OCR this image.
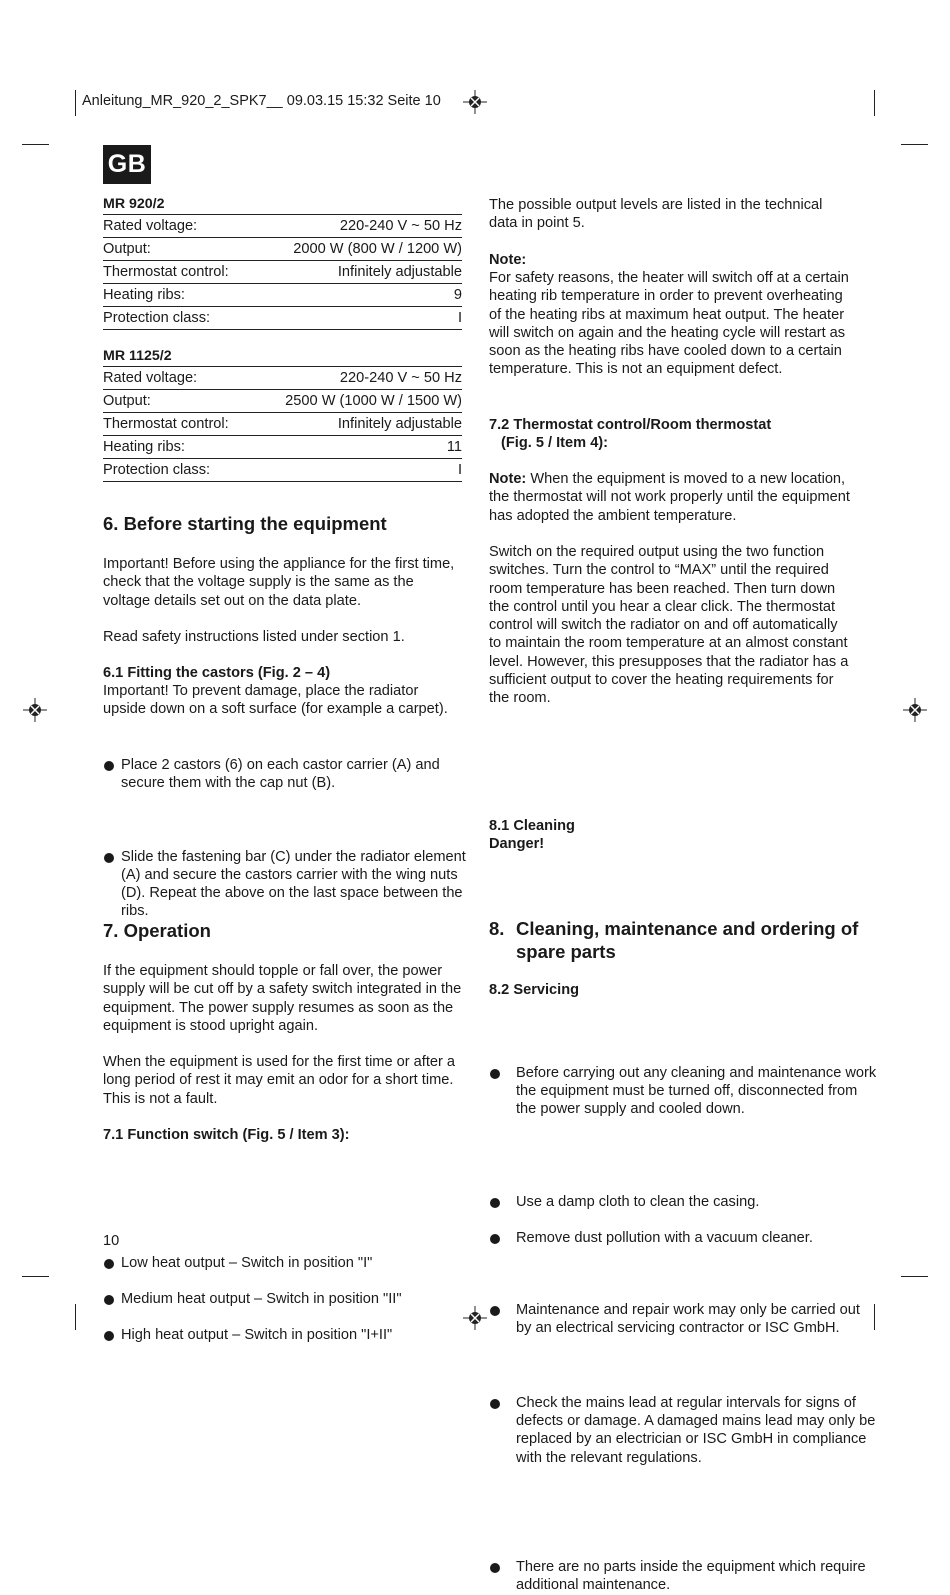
Anleitung_MR_920_2_SPK7__ 09.03.15 15:32 Seite 10
GB
MR 920/2
Rated voltage:	220-240 V ~ 50 Hz
Output:	2000 W (800 W / 1200 W)
Thermostat control:	Infinitely adjustable
Heating ribs:	9
Protection class:	I
MR 1125/2
Rated voltage:	220-240 V ~ 50 Hz
Output:	2500 W (1000 W / 1500 W)
Thermostat control:	Infinitely adjustable
Heating ribs:	11
Protection class:	I
6. Before starting the equipment

Important! Before using the appliance for the first time, check that the voltage supply is the same as the voltage details set out on the data plate.

Read safety instructions listed under section 1.

6.1 Fitting the castors (Fig. 2 – 4)

Important! To prevent damage, place the radiator upside down on a soft surface (for example a carpet).

Place 2 castors (6) on each castor carrier (A) and secure them with the cap nut (B).

Slide the fastening bar (C) under the radiator element (A) and secure the castors carrier with the wing nuts (D). Repeat the above on the last space between the ribs.

7. Operation

If the equipment should topple or fall over, the power supply will be cut off by a safety switch integrated in the equipment. The power supply resumes as soon as the equipment is stood upright again.

When the equipment is used for the first time or after a long period of rest it may emit an odor for a short time. This is not a fault.

7.1 Function switch (Fig. 5 / Item 3):

Low heat output – Switch in position "I"

Medium heat output – Switch in position "II"

High heat output – Switch in position "I+II"

The possible output levels are listed in the technical data in point 5.

Note:

For safety reasons, the heater will switch off at a certain heating rib temperature in order to prevent overheating of the heating ribs at maximum heat output. The heater will switch on again and the heating cycle will restart as soon as the heating ribs have cooled down to a certain temperature. This is not an equipment defect.

7.2 Thermostat control/Room thermostat

(Fig. 5 / Item 4):

Note: When the equipment is moved to a new location, the thermostat will not work properly until the equipment has adopted the ambient temperature.

Switch on the required output using the two function switches. Turn the control to “MAX” until the required room temperature has been reached. Then turn down the control until you hear a clear click. The thermostat control will switch the radiator on and off automatically to maintain the room temperature at an almost constant level. However, this presupposes that the radiator has a sufficient output to cover the heating requirements for the room.

8. Cleaning, maintenance and ordering of spare parts

8.1 Cleaning

Danger!

Before carrying out any cleaning and maintenance work the equipment must be turned off, disconnected from the power supply and cooled down.

Use a damp cloth to clean the casing.

Remove dust pollution with a vacuum cleaner.

8.2 Servicing

Maintenance and repair work may only be carried out by an electrical servicing contractor or ISC GmbH.

Check the mains lead at regular intervals for signs of defects or damage. A damaged mains lead may only be replaced by an electrician or ISC GmbH in compliance with the relevant regulations.

There are no parts inside the equipment which require additional maintenance.

10
